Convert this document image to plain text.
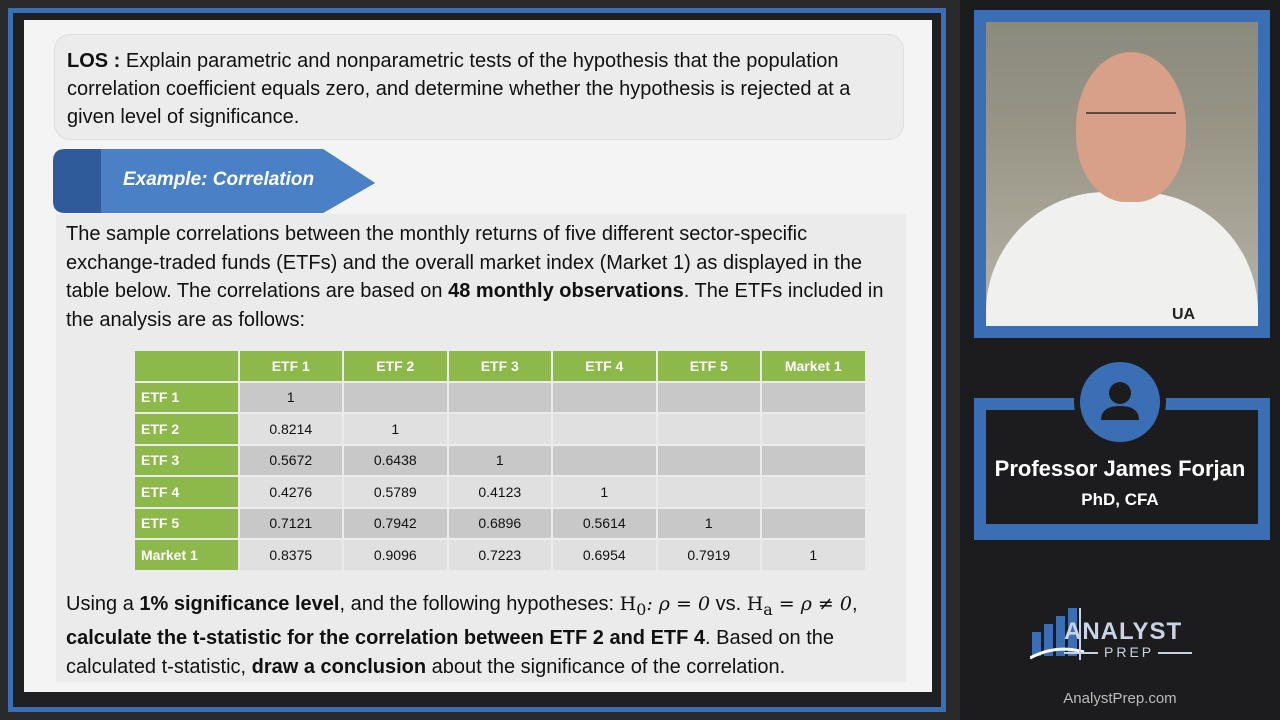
LOS : Explain parametric and nonparametric tests of the hypothesis that the population correlation coefficient equals zero, and determine whether the hypothesis is rejected at a given level of significance.
Example: Correlation

The sample correlations between the monthly returns of five different sector-specific exchange-traded funds (ETFs) and the overall market index (Market 1) as displayed in the table below. The correlations are based on 48 monthly observations. The ETFs included in the analysis are as follows:

	ETF 1	ETF 2	ETF 3	ETF 4	ETF 5	Market 1
ETF 1	1					
ETF 2	0.8214	1				
ETF 3	0.5672	0.6438	1			
ETF 4	0.4276	0.5789	0.4123	1		
ETF 5	0.7121	0.7942	0.6896	0.5614	1	
Market 1	0.8375	0.9096	0.7223	0.6954	0.7919	1

Using a 1% significance level, and the following hypotheses: $H_0$: ρ = 0 vs. $H_a = \rho \ne 0$, calculate the t-statistic for the correlation between ETF 2 and ETF 4. Based on the calculated t-statistic, draw a conclusion about the significance of the correlation.

UA
Professor James Forjan
PhD, CFA
ANALYST
PREP
AnalystPrep.com
